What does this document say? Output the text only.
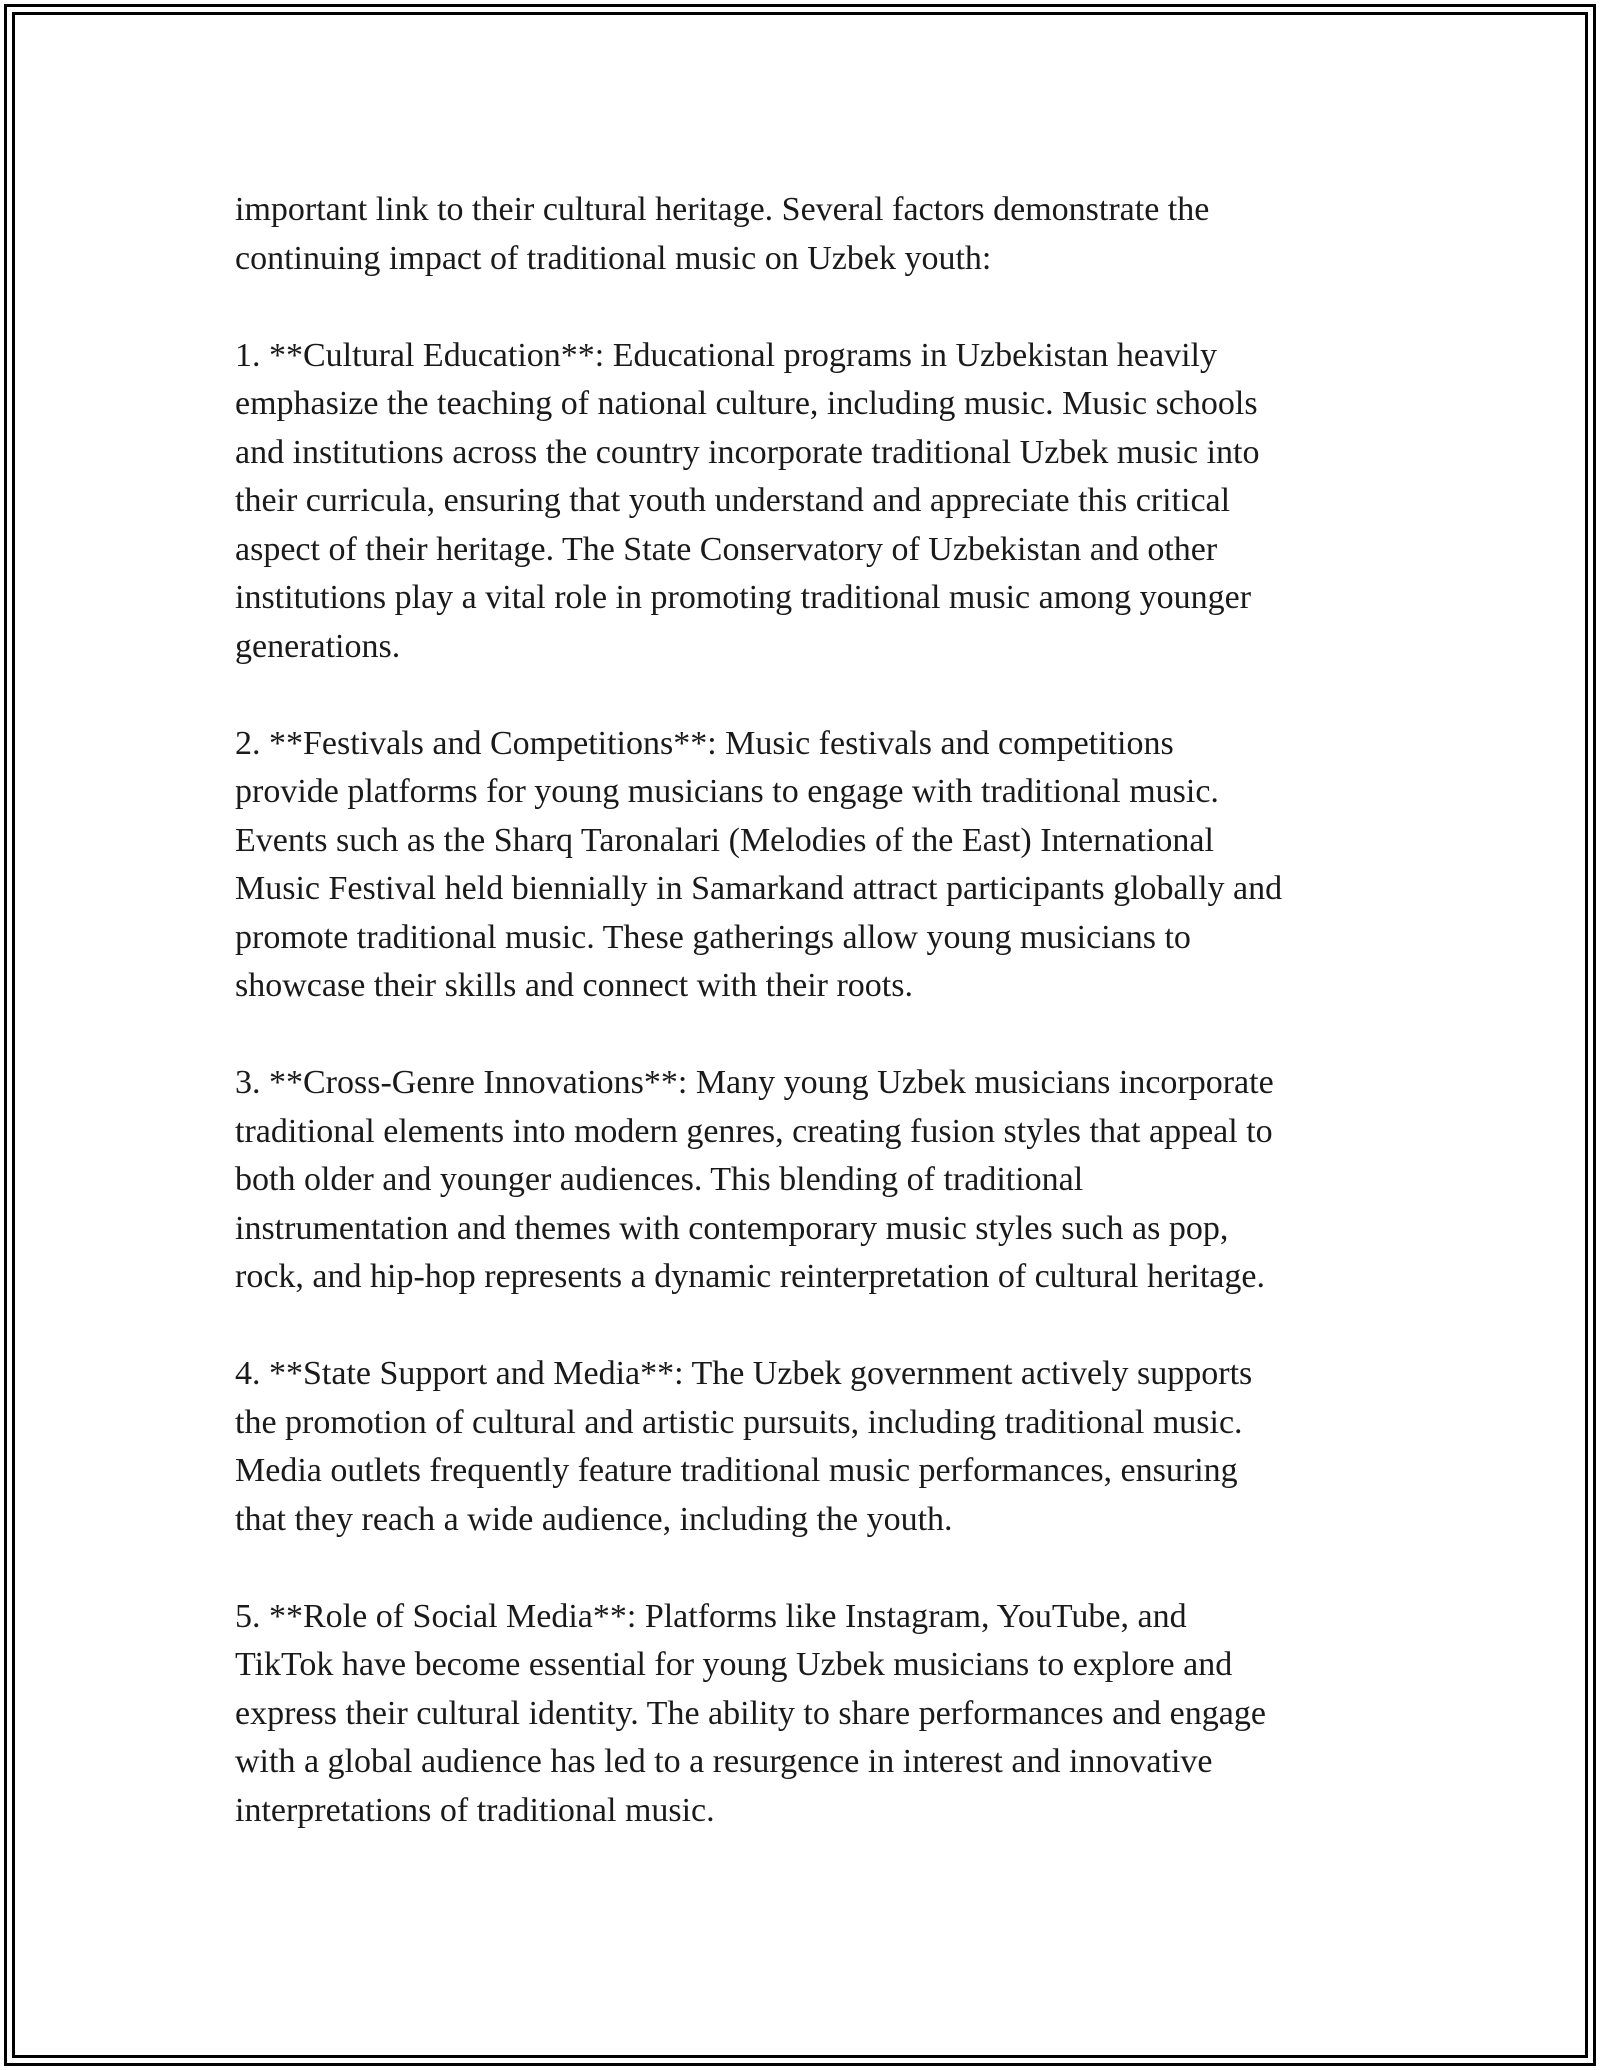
important link to their cultural heritage. Several factors demonstrate the
continuing impact of traditional music on Uzbek youth:

1. **Cultural Education**: Educational programs in Uzbekistan heavily
emphasize the teaching of national culture, including music. Music schools
and institutions across the country incorporate traditional Uzbek music into
their curricula, ensuring that youth understand and appreciate this critical
aspect of their heritage. The State Conservatory of Uzbekistan and other
institutions play a vital role in promoting traditional music among younger
generations.

2. **Festivals and Competitions**: Music festivals and competitions
provide platforms for young musicians to engage with traditional music.
Events such as the Sharq Taronalari (Melodies of the East) International
Music Festival held biennially in Samarkand attract participants globally and
promote traditional music. These gatherings allow young musicians to
showcase their skills and connect with their roots.

3. **Cross-Genre Innovations**: Many young Uzbek musicians incorporate
traditional elements into modern genres, creating fusion styles that appeal to
both older and younger audiences. This blending of traditional
instrumentation and themes with contemporary music styles such as pop,
rock, and hip-hop represents a dynamic reinterpretation of cultural heritage.

4. **State Support and Media**: The Uzbek government actively supports
the promotion of cultural and artistic pursuits, including traditional music.
Media outlets frequently feature traditional music performances, ensuring
that they reach a wide audience, including the youth.

5. **Role of Social Media**: Platforms like Instagram, YouTube, and
TikTok have become essential for young Uzbek musicians to explore and
express their cultural identity. The ability to share performances and engage
with a global audience has led to a resurgence in interest and innovative
interpretations of traditional music.
